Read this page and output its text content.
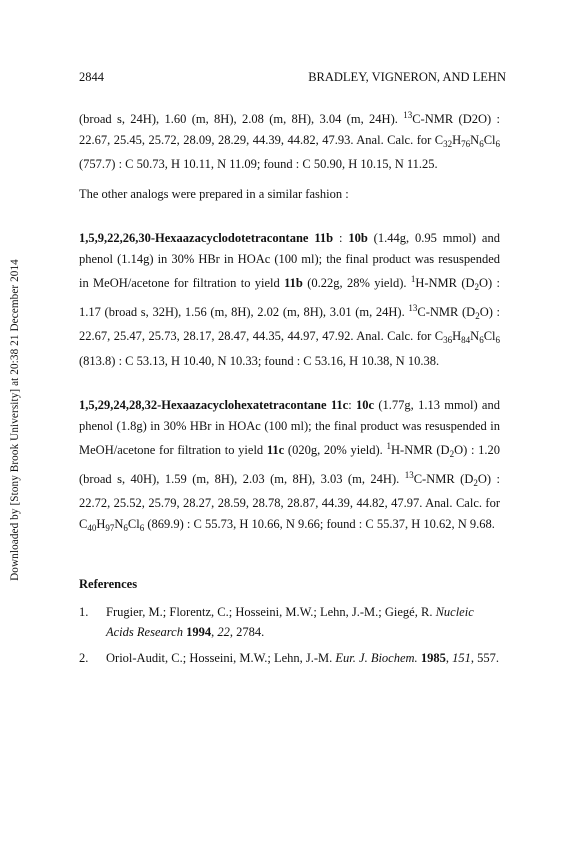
Downloaded by [Stony Brook University] at 20:38 21 December 2014
2844	BRADLEY, VIGNERON, AND LEHN

(broad s, 24H), 1.60 (m, 8H), 2.08 (m, 8H), 3.04 (m, 24H). $^{13}$C-NMR (D2O) : 22.67, 25.45, 25.72, 28.09, 28.29, 44.39, 44.82, 47.93. Anal. Calc. for $C_{32}H_{76}N_6Cl_6$ (757.7) : C 50.73, H 10.11, N 11.09; found : C 50.90, H 10.15, N 11.25.

The other analogs were prepared in a similar fashion :

1,5,9,22,26,30-Hexaazacyclodotetracontane 11b : 10b (1.44g, 0.95 mmol) and phenol (1.14g) in 30% HBr in HOAc (100 ml); the final product was resuspended in MeOH/acetone for filtration to yield 11b (0.22g, 28% yield). $^1$H-NMR $(D_2O)$ : 1.17 (broad s, 32H), 1.56 (m, 8H), 2.02 (m, 8H), 3.01 (m, 24H). $^{13}$C-NMR $(D_2O)$ : 22.67, 25.47, 25.73, 28.17, 28.47, 44.35, 44.97, 47.92. Anal. Calc. for $C_{36}H_{84}N_6Cl_6$ (813.8) : C 53.13, H 10.40, N 10.33; found : C 53.16, H 10.38, N 10.38.

1,5,29,24,28,32-Hexaazacyclohexatetracontane 11c: 10c (1.77g, 1.13 mmol) and phenol (1.8g) in 30% HBr in HOAc (100 ml); the final product was resuspended in MeOH/acetone for filtration to yield 11c (020g, 20% yield). $^1$H-NMR $(D_2O)$ : 1.20 (broad s, 40H), 1.59 (m, 8H), 2.03 (m, 8H), 3.03 (m, 24H). $^{13}$C-NMR $(D_2O)$ : 22.72, 25.52, 25.79, 28.27, 28.59, 28.78, 28.87, 44.39, 44.82, 47.97. Anal. Calc. for $C_{40}H_{97}N_6Cl_6$ (869.9) : C 55.73, H 10.66, N 9.66; found : C 55.37, H 10.62, N 9.68.

References
1.	Frugier, M.; Florentz, C.; Hosseini, M.W.; Lehn, J.-M.; Giegé, R. Nucleic Acids Research 1994, 22, 2784.
2.	Oriol-Audit, C.; Hosseini, M.W.; Lehn, J.-M. Eur. J. Biochem. 1985, 151, 557.
